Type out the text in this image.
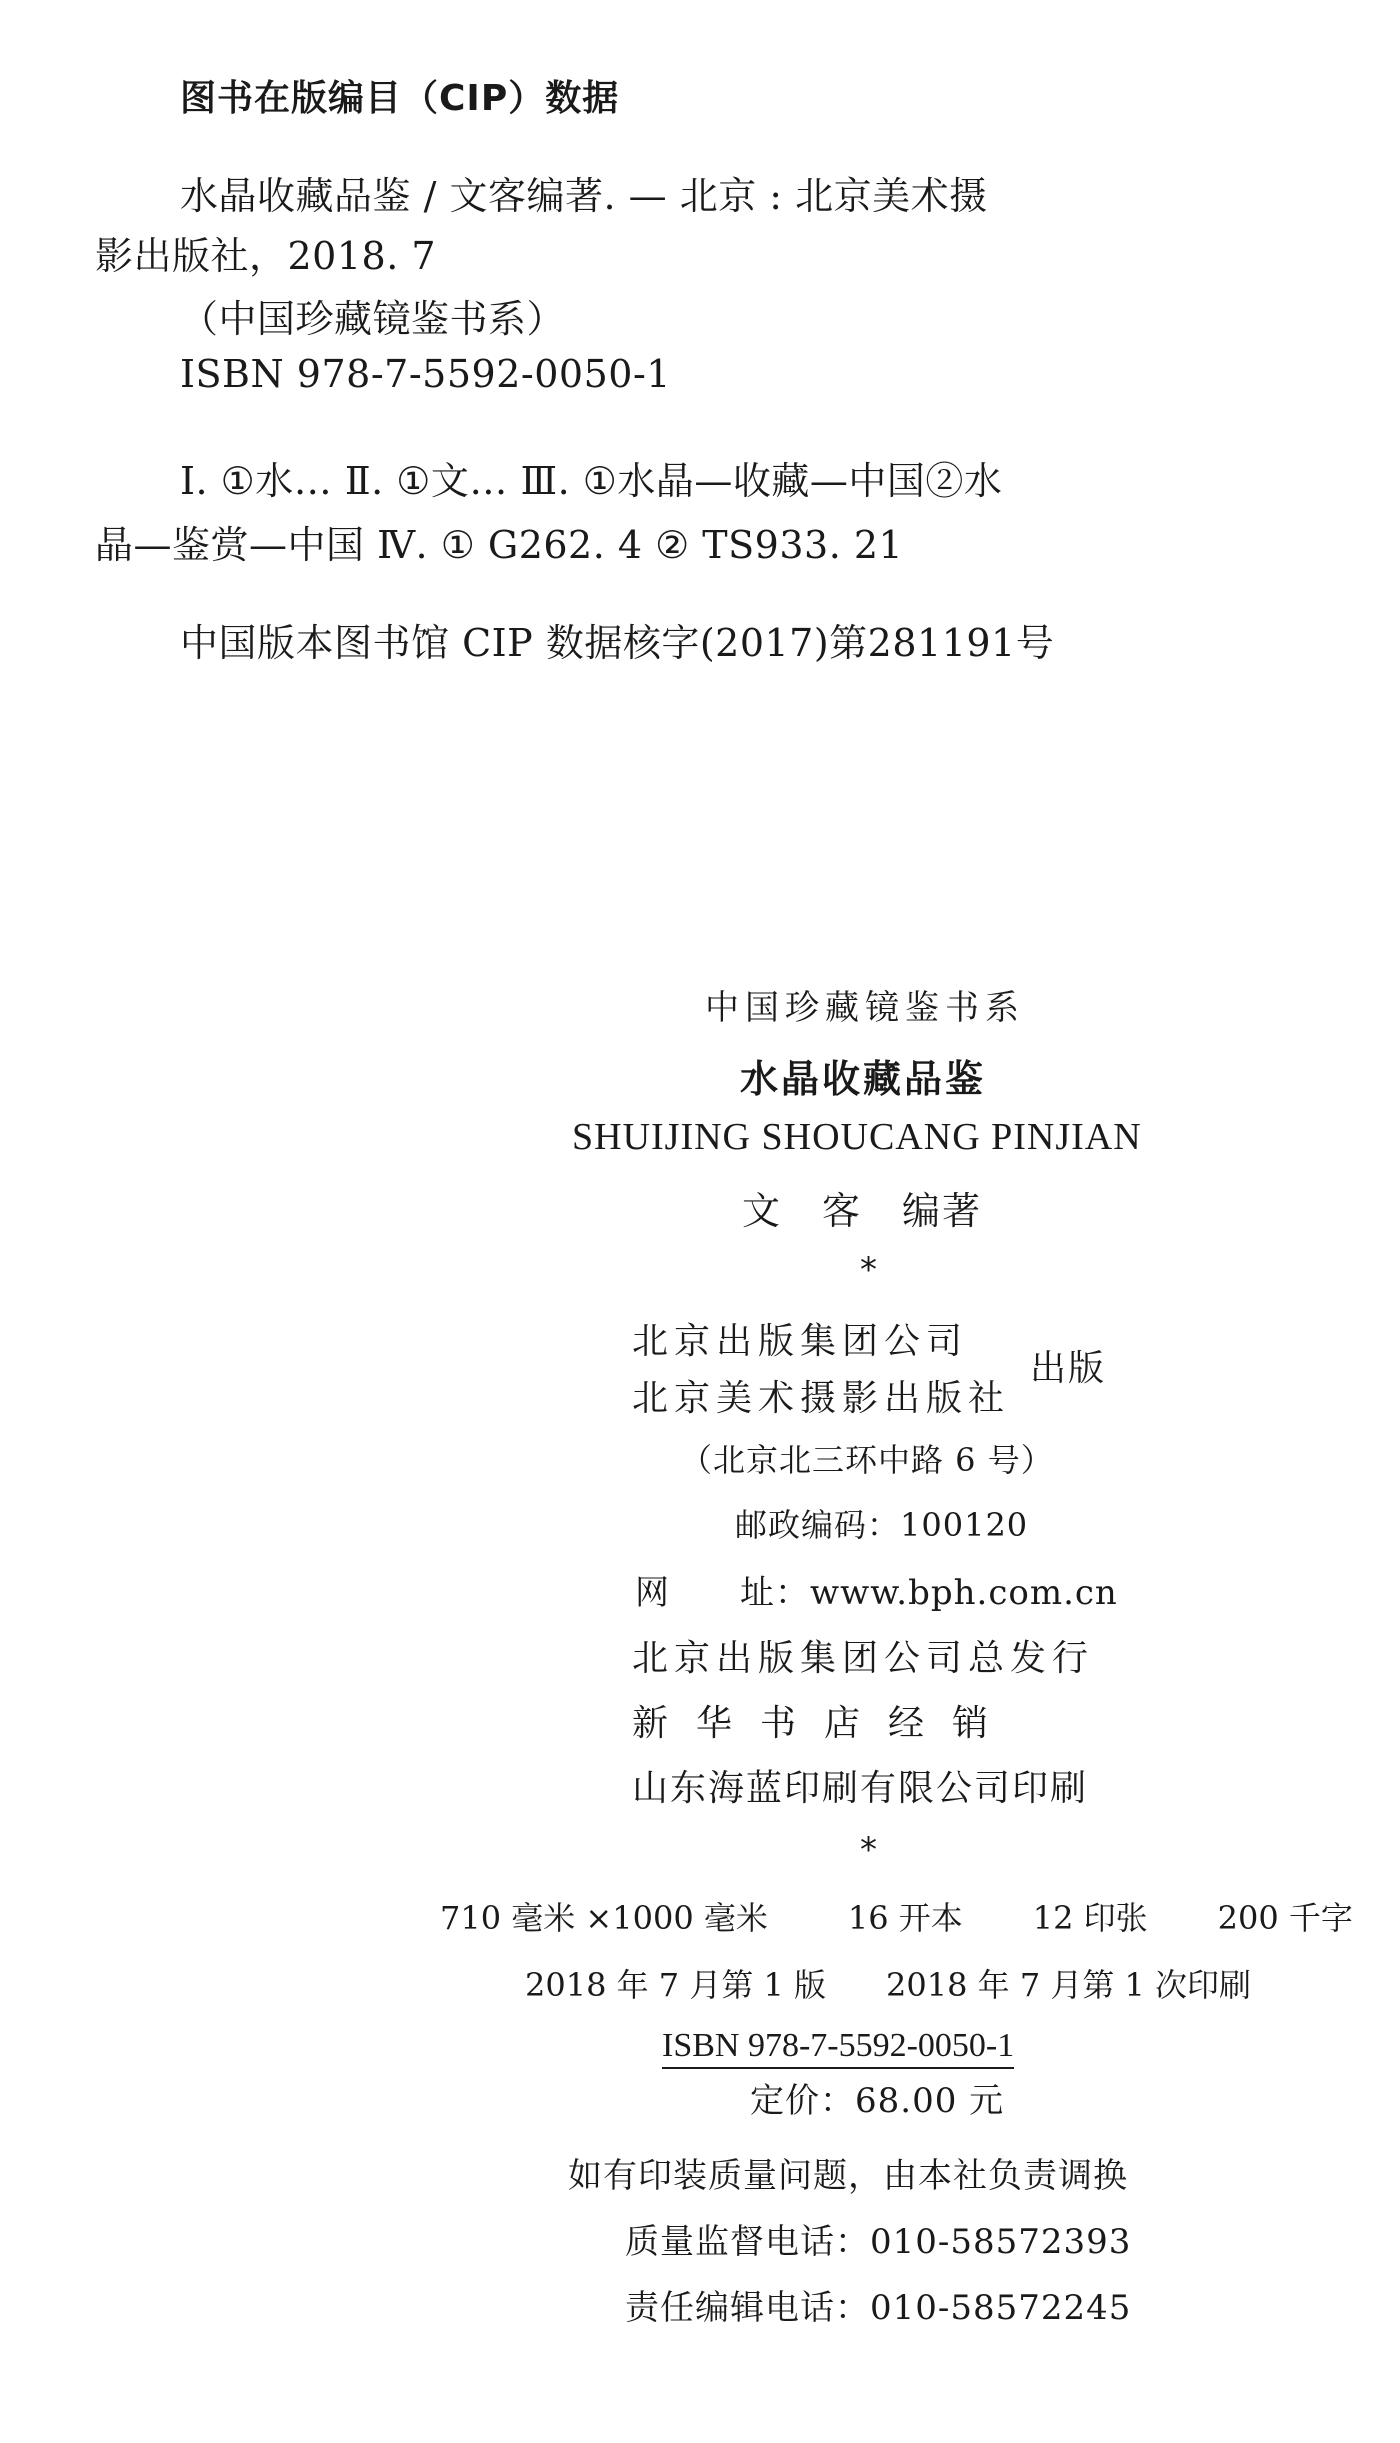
图书在版编目（CIP）数据
水晶收藏品鉴 / 文客编著. — 北京 : 北京美术摄
影出版社，2018. 7
（中国珍藏镜鉴书系）
ISBN 978-7-5592-0050-1
Ⅰ. ①水… Ⅱ. ①文… Ⅲ. ①水晶—收藏—中国②水
晶—鉴赏—中国 Ⅳ. ① G262. 4 ② TS933. 21
中国版本图书馆 CIP 数据核字(2017)第281191号
中国珍藏镜鉴书系
水晶收藏品鉴
SHUIJING SHOUCANG PINJIAN
文　客　编著
*
北京出版集团公司
北京美术摄影出版社
出版
（北京北三环中路 6 号）
邮政编码：100120
网　　址：www.bph.com.cn
北京出版集团公司总发行
新华书店经销
山东海蓝印刷有限公司印刷
*
710 毫米 ×1000 毫米	16 开本 12 印张 200 千字
2018 年 7 月第 1 版 2018 年 7 月第 1 次印刷
ISBN 978-7-5592-0050-1
定价：68.00 元
如有印装质量问题，由本社负责调换
质量监督电话：010-58572393
责任编辑电话：010-58572245
